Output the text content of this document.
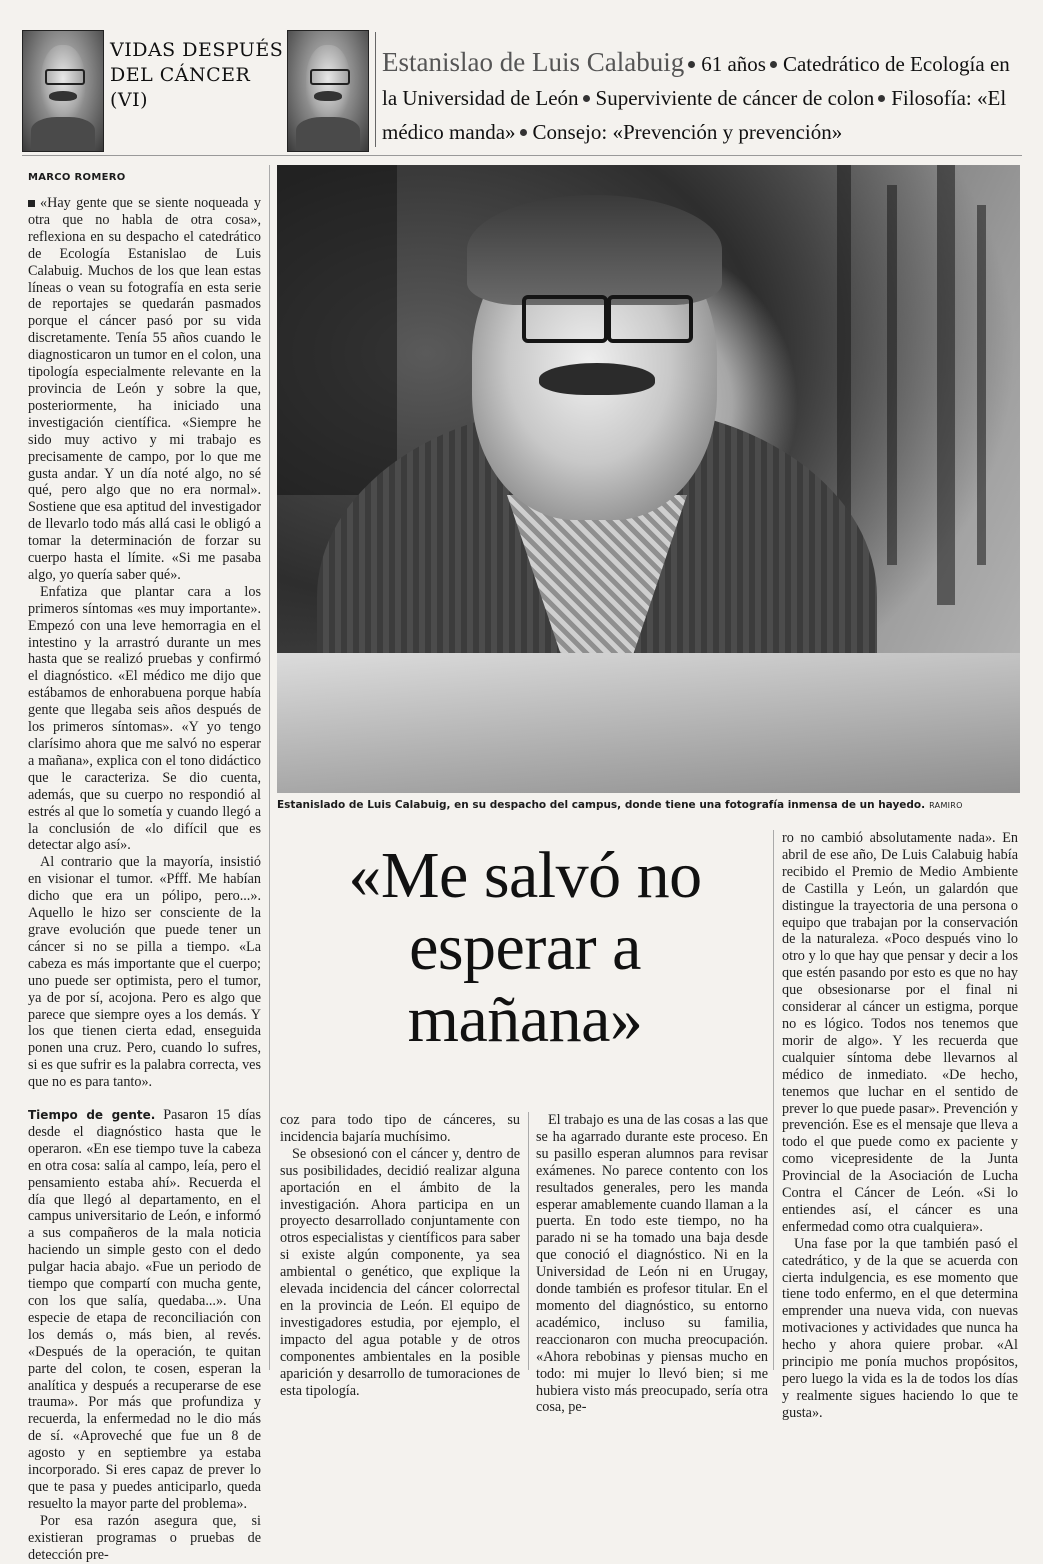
VIDAS DESPUÉS
DEL CÁNCER (VI)
Estanislao de Luis Calabuig 61 años Catedrático de Ecología en la Universidad de León Superviviente de cáncer de colon Filosofía: «El médico manda» Consejo: «Prevención y prevención»
MARCO ROMERO
Estanislado de Luis Calabuig, en su despacho del campus, donde tiene una fotografía inmensa de un hayedo. RAMIRO

«Hay gente que se siente noqueada y otra que no habla de otra cosa», reflexiona en su despacho el catedrático de Ecología Estanislao de Luis Calabuig. Muchos de los que lean estas líneas o vean su fotografía en esta serie de reportajes se quedarán pasmados porque el cáncer pasó por su vida discretamente. Tenía 55 años cuando le diagnosticaron un tumor en el colon, una tipología especialmente relevante en la provincia de León y sobre la que, posteriormente, ha iniciado una investigación científica. «Siempre he sido muy activo y mi trabajo es precisamente de campo, por lo que me gusta andar. Y un día noté algo, no sé qué, pero algo que no era normal». Sostiene que esa aptitud del investigador de llevarlo todo más allá casi le obligó a tomar la determinación de forzar su cuerpo hasta el límite. «Si me pasaba algo, yo quería saber qué».

Enfatiza que plantar cara a los primeros síntomas «es muy importante». Empezó con una leve hemorragia en el intestino y la arrastró durante un mes hasta que se realizó pruebas y confirmó el diagnóstico. «El médico me dijo que estábamos de enhorabuena porque había gente que llegaba seis años después de los primeros síntomas». «Y yo tengo clarísimo ahora que me salvó no esperar a mañana», explica con el tono didáctico que le caracteriza. Se dio cuenta, además, que su cuerpo no respondió al estrés al que lo sometía y cuando llegó a la conclusión de «lo difícil que es detectar algo así».

Al contrario que la mayoría, insistió en visionar el tumor. «Pfff. Me habían dicho que era un pólipo, pero...». Aquello le hizo ser consciente de la grave evolución que puede tener un cáncer si no se pilla a tiempo. «La cabeza es más importante que el cuerpo; uno puede ser optimista, pero el tumor, ya de por sí, acojona. Pero es algo que parece que siempre oyes a los demás. Y los que tienen cierta edad, enseguida ponen una cruz. Pero, cuando lo sufres, si es que sufrir es la palabra correcta, ves que no es para tanto».

Tiempo de gente. Pasaron 15 días desde el diagnóstico hasta que le operaron. «En ese tiempo tuve la cabeza en otra cosa: salía al campo, leía, pero el pensamiento estaba ahí». Recuerda el día que llegó al departamento, en el campus universitario de León, e informó a sus compañeros de la mala noticia haciendo un simple gesto con el dedo pulgar hacia abajo. «Fue un periodo de tiempo que compartí con mucha gente, con los que salía, quedaba...». Una especie de etapa de reconciliación con los demás o, más bien, al revés. «Después de la operación, te quitan parte del colon, te cosen, esperan la analítica y después a recuperarse de ese trauma». Por más que profundiza y recuerda, la enfermedad no le dio más de sí. «Aproveché que fue un 8 de agosto y en septiembre ya estaba incorporado. Si eres capaz de prever lo que te pasa y puedes anticiparlo, queda resuelto la mayor parte del problema».

Por esa razón asegura que, si existieran programas o pruebas de detección pre-

«Me salvó no
esperar a
mañana»

coz para todo tipo de cánceres, su incidencia bajaría muchísimo.

Se obsesionó con el cáncer y, dentro de sus posibilidades, decidió realizar alguna aportación en el ámbito de la investigación. Ahora participa en un proyecto desarrollado conjuntamente con otros especialistas y científicos para saber si existe algún componente, ya sea ambiental o genético, que explique la elevada incidencia del cáncer colorrectal en la provincia de León. El equipo de investigadores estudia, por ejemplo, el impacto del agua potable y de otros componentes ambientales en la posible aparición y desarrollo de tumoraciones de esta tipología.

El trabajo es una de las cosas a las que se ha agarrado durante este proceso. En su pasillo esperan alumnos para revisar exámenes. No parece contento con los resultados generales, pero les manda esperar amablemente cuando llaman a la puerta. En todo este tiempo, no ha parado ni se ha tomado una baja desde que conoció el diagnóstico. Ni en la Universidad de León ni en Urugay, donde también es profesor titular. En el momento del diagnóstico, su entorno académico, incluso su familia, reaccionaron con mucha preocupación. «Ahora rebobinas y piensas mucho en todo: mi mujer lo llevó bien; si me hubiera visto más preocupado, sería otra cosa, pe-

ro no cambió absolutamente nada». En abril de ese año, De Luis Calabuig había recibido el Premio de Medio Ambiente de Castilla y León, un galardón que distingue la trayectoria de una persona o equipo que trabajan por la conservación de la naturaleza. «Poco después vino lo otro y lo que hay que pensar y decir a los que estén pasando por esto es que no hay que obsesionarse por el final ni considerar al cáncer un estigma, porque no es lógico. Todos nos tenemos que morir de algo». Y les recuerda que cualquier síntoma debe llevarnos al médico de inmediato. «De hecho, tenemos que luchar en el sentido de prever lo que puede pasar». Prevención y prevención. Ese es el mensaje que lleva a todo el que puede como ex paciente y como vicepresidente de la Junta Provincial de la Asociación de Lucha Contra el Cáncer de León. «Si lo entiendes así, el cáncer es una enfermedad como otra cualquiera».

Una fase por la que también pasó el catedrático, y de la que se acuerda con cierta indulgencia, es ese momento que tiene todo enfermo, en el que determina emprender una nueva vida, con nuevas motivaciones y actividades que nunca ha hecho y ahora quiere probar. «Al principio me ponía muchos propósitos, pero luego la vida es la de todos los días y realmente sigues haciendo lo que te gusta».
